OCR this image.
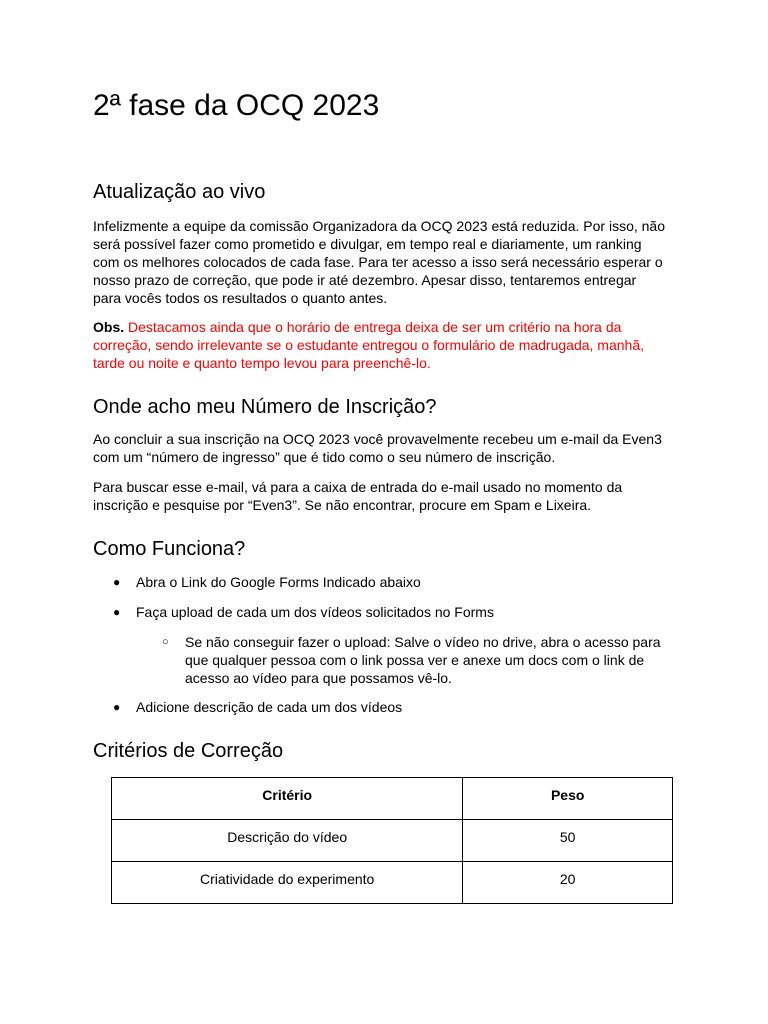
2ª fase da OCQ 2023
Atualização ao vivo

Infelizmente a equipe da comissão Organizadora da OCQ 2023 está reduzida. Por isso, não
será possível fazer como prometido e divulgar, em tempo real e diariamente, um ranking
com os melhores colocados de cada fase. Para ter acesso a isso será necessário esperar o
nosso prazo de correção, que pode ir até dezembro. Apesar disso, tentaremos entregar
para vocês todos os resultados o quanto antes.

Obs. Destacamos ainda que o horário de entrega deixa de ser um critério na hora da
correção, sendo irrelevante se o estudante entregou o formulário de madrugada, manhã,
tarde ou noite e quanto tempo levou para preenchê-lo.

Onde acho meu Número de Inscrição?

Ao concluir a sua inscrição na OCQ 2023 você provavelmente recebeu um e-mail da Even3
com um “número de ingresso” que é tido como o seu número de inscrição.

Para buscar esse e-mail, vá para a caixa de entrada do e-mail usado no momento da
inscrição e pesquise por “Even3”. Se não encontrar, procure em Spam e Lixeira.

Como Funciona?
● Abra o Link do Google Forms Indicado abaixo
● Faça upload de cada um dos vídeos solicitados no Forms
○ Se não conseguir fazer o upload: Salve o vídeo no drive, abra o acesso para
que qualquer pessoa com o link possa ver e anexe um docs com o link de
acesso ao vídeo para que possamos vê-lo.
● Adicione descrição de cada um dos vídeos
Critérios de Correção
Critério	Peso
Descrição do vídeo	50
Criatividade do experimento	20
